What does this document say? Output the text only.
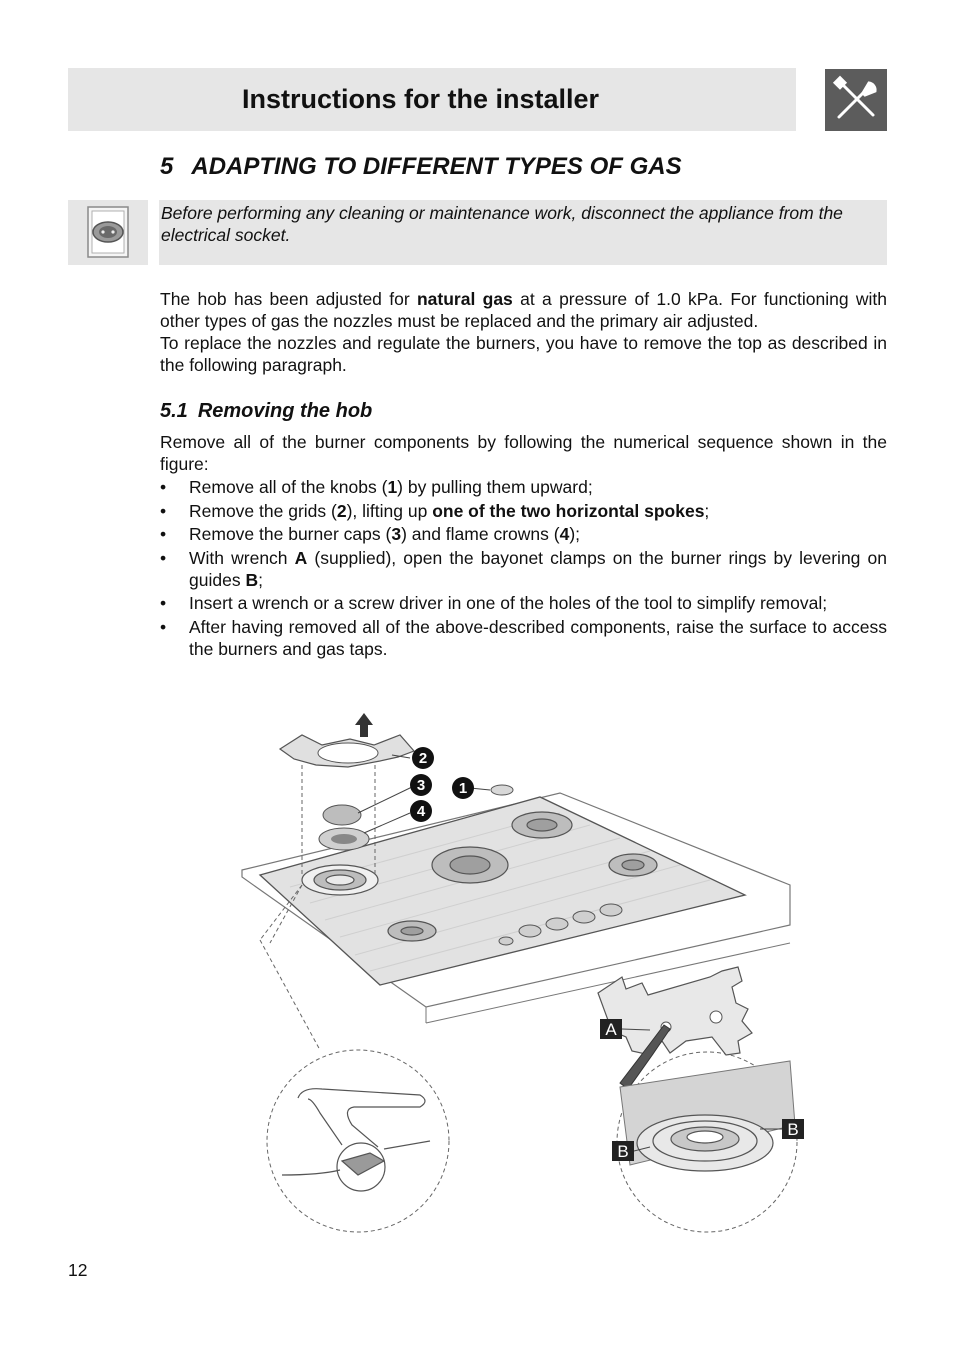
Instructions for the installer
5 ADAPTING TO DIFFERENT TYPES OF GAS
Before performing any cleaning or maintenance work, disconnect the appliance from the electrical socket.

The hob has been adjusted for natural gas at a pressure of 1.0 kPa. For functioning with other types of gas the nozzles must be replaced and the primary air adjusted.

To replace the nozzles and regulate the burners, you have to remove the top as described in the following paragraph.

5.1 Removing the hob

Remove all of the burner components by following the numerical sequence shown in the figure:

• Remove all of the knobs (1) by pulling them upward;
• Remove the grids (2), lifting up one of the two horizontal spokes;
• Remove the burner caps (3) and flame crowns (4);
• With wrench A (supplied), open the bayonet clamps on the burner rings by levering on guides B;
• Insert a wrench or a screw driver in one of the holes of the tool to simplify removal;
• After having removed all of the above-described components, raise the surface to access the burners and gas taps.
2
3
4
1
A
B
B
12
